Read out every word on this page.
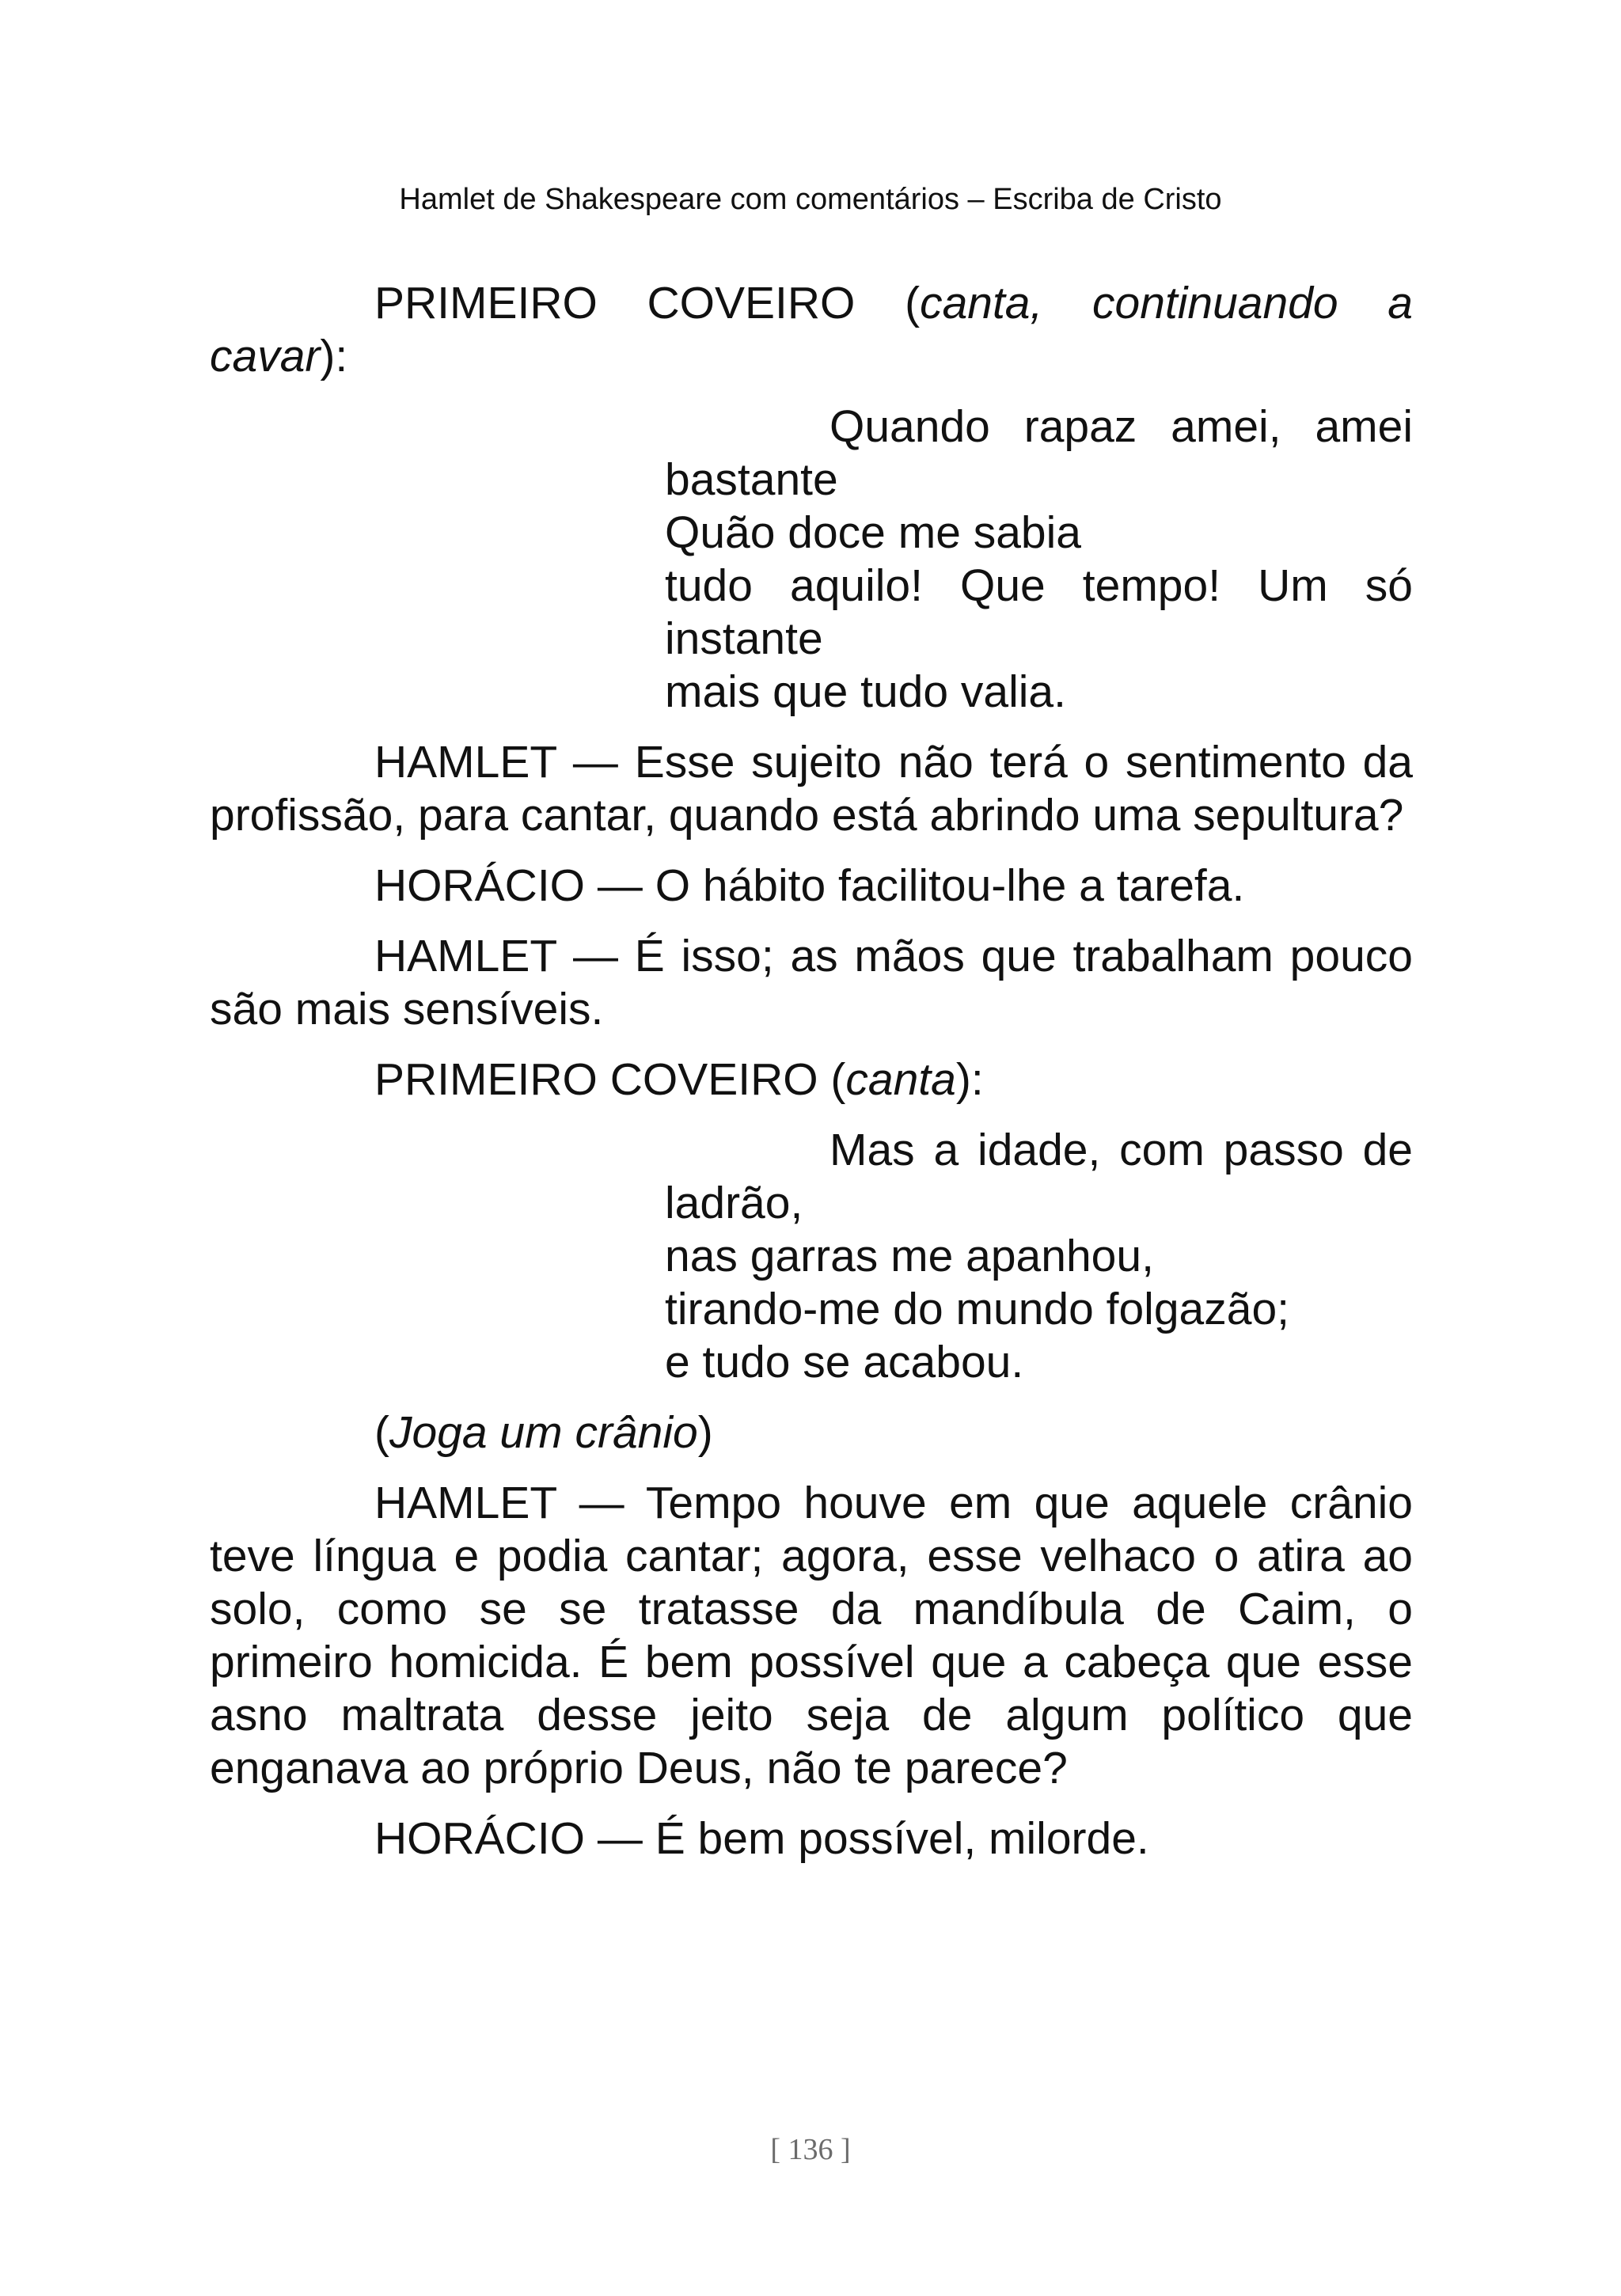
Hamlet de Shakespeare com comentários – Escriba de Cristo

PRIMEIRO COVEIRO (canta, continuando a cavar):

Quando rapaz amei, amei bastante
Quão doce me sabia
tudo aquilo! Que tempo! Um só instante
mais que tudo valia.

HAMLET — Esse sujeito não terá o sentimento da profissão, para cantar, quando está abrindo uma sepultura?

HORÁCIO — O hábito facilitou-lhe a tarefa.

HAMLET — É isso; as mãos que trabalham pouco são mais sensíveis.

PRIMEIRO COVEIRO (canta):

Mas a idade, com passo de ladrão,
nas garras me apanhou,
tirando-me do mundo folgazão;
e tudo se acabou.

(Joga um crânio)

HAMLET — Tempo houve em que aquele crânio teve língua e podia cantar; agora, esse velhaco o atira ao solo, como se se tratasse da mandíbula de Caim, o primeiro homicida. É bem possível que a cabeça que esse asno maltrata desse jeito seja de algum político que enganava ao próprio Deus, não te parece?

HORÁCIO — É bem possível, milorde.

[ 136 ]
